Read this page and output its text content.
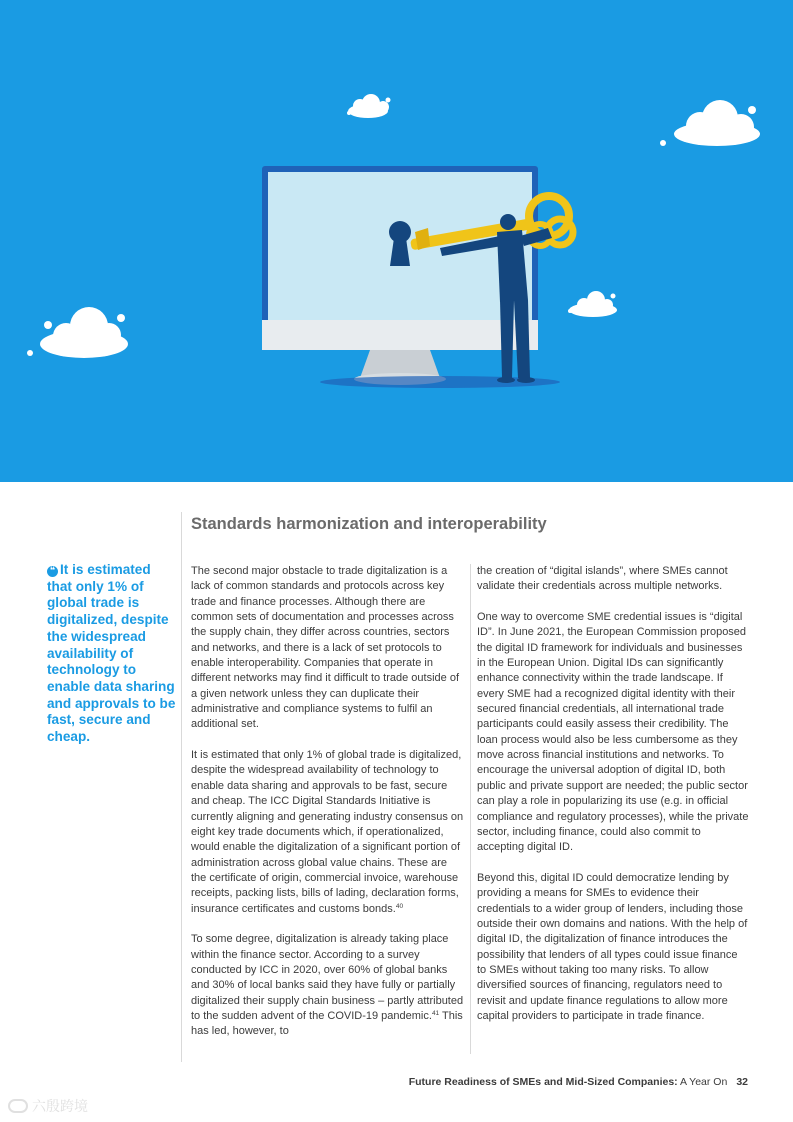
Standards harmonization and interoperability
❝ It is estimated that only 1% of global trade is digitalized, despite the widespread availability of technology to enable data sharing and approvals to be fast, secure and cheap.

The second major obstacle to trade digitalization is a lack of common standards and protocols across key trade and finance processes. Although there are common sets of documentation and processes across the supply chain, they differ across countries, sectors and networks, and there is a lack of set protocols to enable interoperability. Companies that operate in different networks may find it difficult to trade outside of a given network unless they can duplicate their administrative and compliance systems to fulfil an additional set.

It is estimated that only 1% of global trade is digitalized, despite the widespread availability of technology to enable data sharing and approvals to be fast, secure and cheap. The ICC Digital Standards Initiative is currently aligning and generating industry consensus on eight key trade documents which, if operationalized, would enable the digitalization of a significant portion of administration across global value chains. These are the certificate of origin, commercial invoice, warehouse receipts, packing lists, bills of lading, declaration forms, insurance certificates and customs bonds.$^{40}$

To some degree, digitalization is already taking place within the finance sector. According to a survey conducted by ICC in 2020, over 60% of global banks and 30% of local banks said they have fully or partially digitalized their supply chain business – partly attributed to the sudden advent of the COVID-19 pandemic.$^{41}$ This has led, however, to

the creation of “digital islands”, where SMEs cannot validate their credentials across multiple networks.

One way to overcome SME credential issues is “digital ID”. In June 2021, the European Commission proposed the digital ID framework for individuals and businesses in the European Union. Digital IDs can significantly enhance connectivity within the trade landscape. If every SME had a recognized digital identity with their secured financial credentials, all international trade participants could easily assess their credibility. The loan process would also be less cumbersome as they move across financial institutions and networks. To encourage the universal adoption of digital ID, both public and private support are needed; the public sector can play a role in popularizing its use (e.g. in official compliance and regulatory processes), while the private sector, including finance, could also commit to accepting digital ID.

Beyond this, digital ID could democratize lending by providing a means for SMEs to evidence their credentials to a wider group of lenders, including those outside their own domains and nations. With the help of digital ID, the digitalization of finance introduces the possibility that lenders of all types could issue finance to SMEs without taking too many risks. To allow diversified sources of financing, regulators need to revisit and update finance regulations to allow more capital providers to participate in trade finance.

Future Readiness of SMEs and Mid-Sized Companies: A Year On 32
六殷跨境
